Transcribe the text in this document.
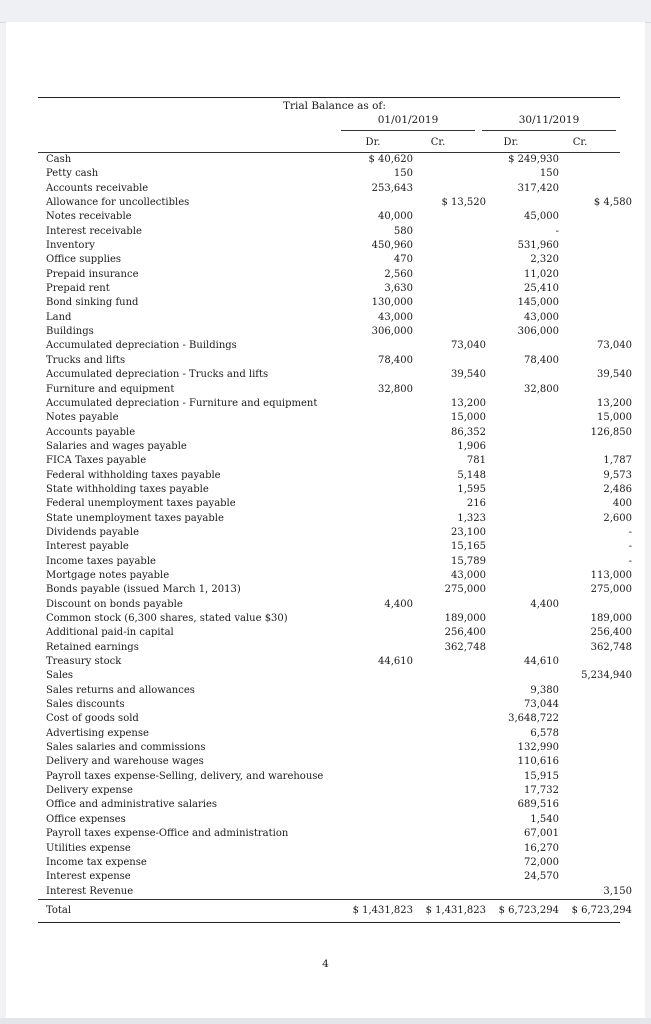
Trial Balance as of:
01/01/2019	30/11/2019
Dr.	Cr.	Dr.	Cr.
Cash	$ 40,620		$ 249,930	
Petty cash	150		150	
Accounts receivable	253,643		317,420	
Allowance for uncollectibles		$ 13,520		$ 4,580
Notes receivable	40,000		45,000	
Interest receivable	580		-	
Inventory	450,960		531,960	
Office supplies	470		2,320	
Prepaid insurance	2,560		11,020	
Prepaid rent	3,630		25,410	
Bond sinking fund	130,000		145,000	
Land	43,000		43,000	
Buildings	306,000		306,000	
Accumulated depreciation - Buildings		73,040		73,040
Trucks and lifts	78,400		78,400	
Accumulated depreciation - Trucks and lifts		39,540		39,540
Furniture and equipment	32,800		32,800	
Accumulated depreciation - Furniture and equipment		13,200		13,200
Notes payable		15,000		15,000
Accounts payable		86,352		126,850
Salaries and wages payable		1,906		
FICA Taxes payable		781		1,787
Federal withholding taxes payable		5,148		9,573
State withholding taxes payable		1,595		2,486
Federal unemployment taxes payable		216		400
State unemployment taxes payable		1,323		2,600
Dividends payable		23,100		-
Interest payable		15,165		-
Income taxes payable		15,789		-
Mortgage notes payable		43,000		113,000
Bonds payable (issued March 1, 2013)		275,000		275,000
Discount on bonds payable	4,400		4,400	
Common stock (6,300 shares, stated value $30)		189,000		189,000
Additional paid-in capital		256,400		256,400
Retained earnings		362,748		362,748
Treasury stock	44,610		44,610	
Sales				5,234,940
Sales returns and allowances			9,380	
Sales discounts			73,044	
Cost of goods sold			3,648,722	
Advertising expense			6,578	
Sales salaries and commissions			132,990	
Delivery and warehouse wages			110,616	
Payroll taxes expense-Selling, delivery, and warehouse			15,915	
Delivery expense			17,732	
Office and administrative salaries			689,516	
Office expenses			1,540	
Payroll taxes expense-Office and administration			67,001	
Utilities expense			16,270	
Income tax expense			72,000	
Interest expense			24,570	
Interest Revenue				3,150
Total	$ 1,431,823	$ 1,431,823	$ 6,723,294	$ 6,723,294
4
